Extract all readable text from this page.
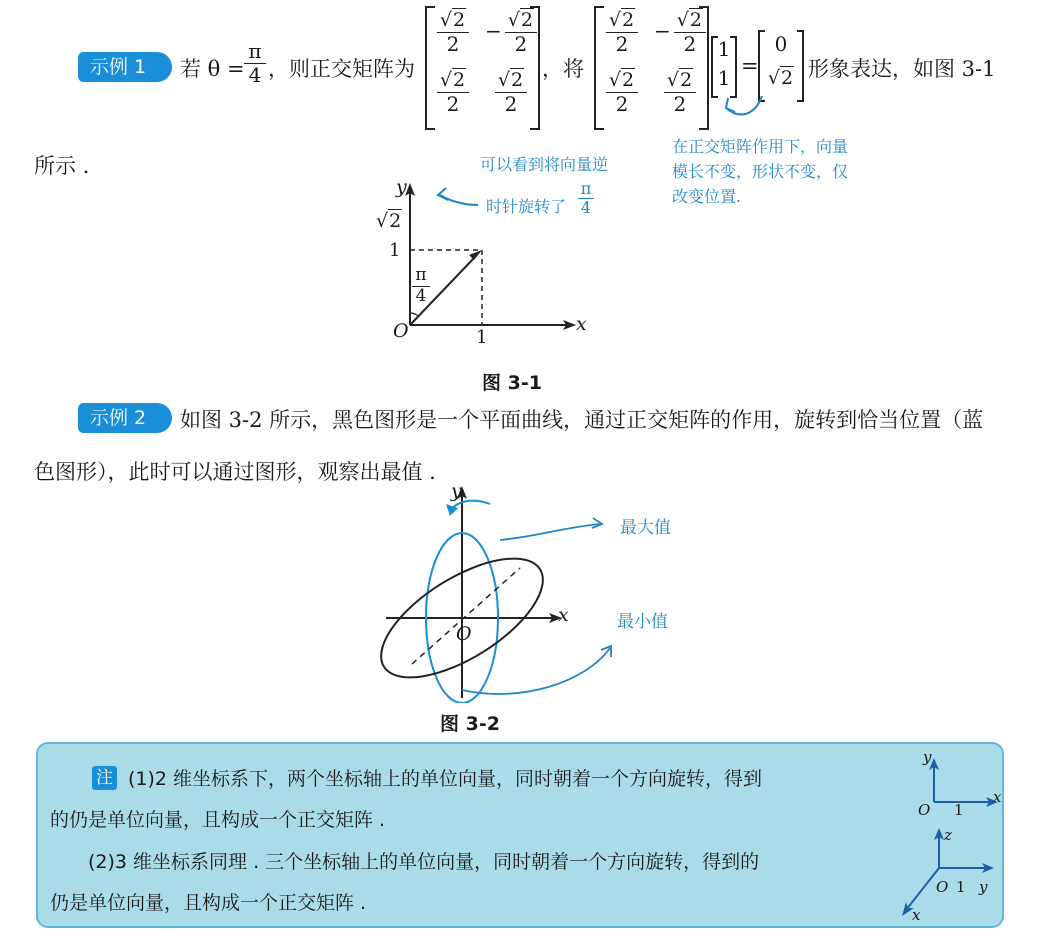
示例 1	若 $\theta = \frac{\pi}{4}$ ，则正交矩阵为
$\frac{√2}{2} - \frac{√2}{2}$
$\frac{√2}{2} \frac{√2}{2}$ ，将
$\frac{√2}{2} - \frac{√2}{2}$
$\frac{√2}{2} \frac{√2}{2}$
1
1 =
0
√2 形象表达，如图 3-1
所示 .	可以看到将向量逆
时针旋转了 $\frac{\pi}{4}$
在正交矩阵作用下，向量
模长不变，形状不变，仅
改变位置.
y
x
O
√2
1
1
$\frac{\pi}{4}$
图 3-1
示例 2	如图 3-2 所示，黑色图形是一个平面曲线，通过正交矩阵的作用，旋转到恰当位置（蓝
色图形），此时可以通过图形，观察出最值 .
y
x
O
最大值
最小值
图 3-2
注 (1)2 维坐标系下，两个坐标轴上的单位向量，同时朝着一个方向旋转，得到
的仍是单位向量，且构成一个正交矩阵 .
(2)3 维坐标系同理 . 三个坐标轴上的单位向量，同时朝着一个方向旋转，得到的
仍是单位向量，且构成一个正交矩阵 .
y
x
O 1
z
y
O 1
x
